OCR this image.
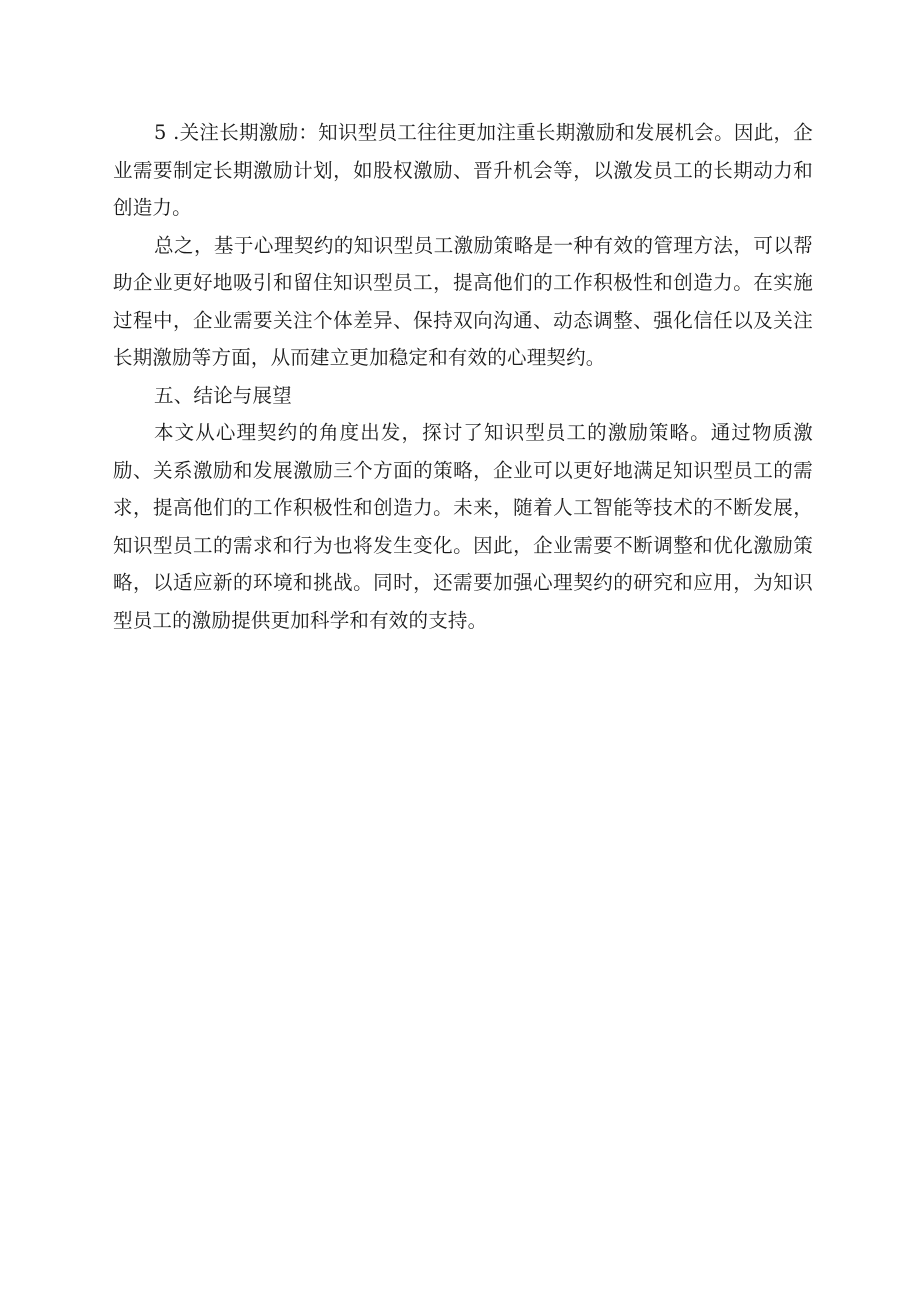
5 .关注长期激励：知识型员工往往更加注重长期激励和发展机会。因此，企业需要制定长期激励计划，如股权激励、晋升机会等，以激发员工的长期动力和创造力。

总之，基于心理契约的知识型员工激励策略是一种有效的管理方法，可以帮助企业更好地吸引和留住知识型员工，提高他们的工作积极性和创造力。在实施过程中，企业需要关注个体差异、保持双向沟通、动态调整、强化信任以及关注长期激励等方面，从而建立更加稳定和有效的心理契约。

五、结论与展望

本文从心理契约的角度出发，探讨了知识型员工的激励策略。通过物质激励、关系激励和发展激励三个方面的策略，企业可以更好地满足知识型员工的需求，提高他们的工作积极性和创造力。未来，随着人工智能等技术的不断发展，知识型员工的需求和行为也将发生变化。因此，企业需要不断调整和优化激励策略，以适应新的环境和挑战。同时，还需要加强心理契约的研究和应用，为知识型员工的激励提供更加科学和有效的支持。
